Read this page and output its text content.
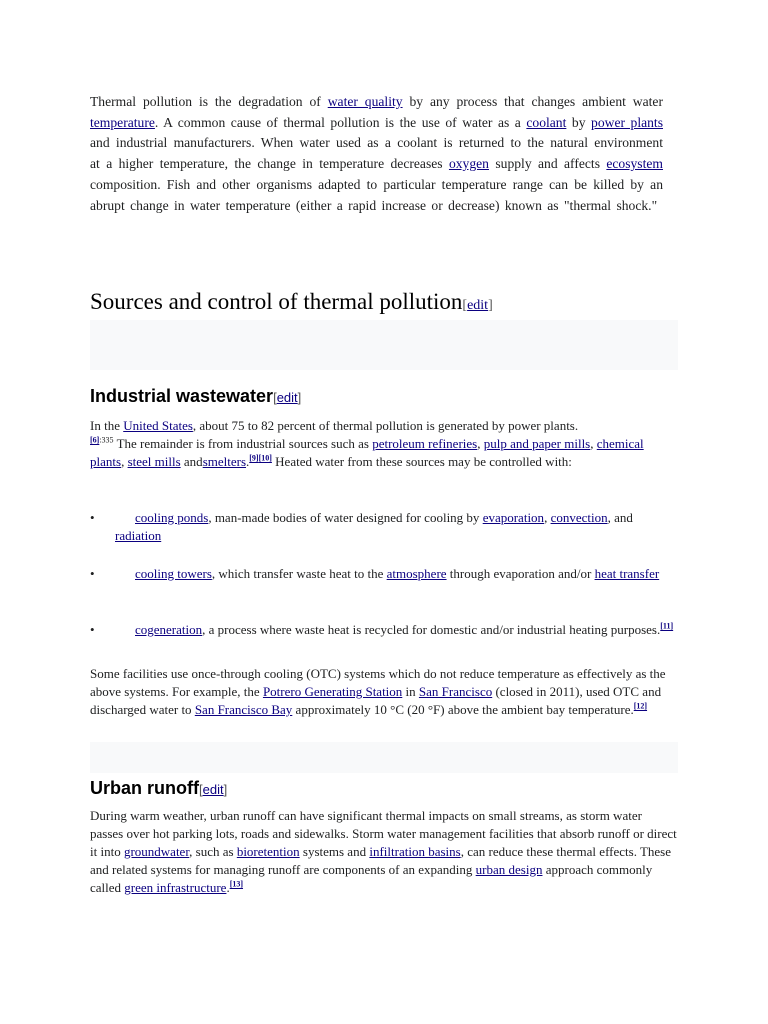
Thermal pollution is the degradation of water quality by any process that changes ambient water temperature. A common cause of thermal pollution is the use of water as a coolant by power plants and industrial manufacturers. When water used as a coolant is returned to the natural environment at a higher temperature, the change in temperature decreases oxygen supply and affects ecosystem composition. Fish and other organisms adapted to particular temperature range can be killed by an abrupt change in water temperature (either a rapid increase or decrease) known as "thermal shock."

Sources and control of thermal pollution[edit]
Industrial wastewater[edit]

In the United States, about 75 to 82 percent of thermal pollution is generated by power plants.
$^{[6]:335}$ The remainder is from industrial sources such as petroleum refineries, pulp and paper mills, chemical plants, steel mills andsmelters.[9][10] Heated water from these sources may be controlled with:

•	cooling ponds, man-made bodies of water designed for cooling by evaporation, convection, and radiation
•	cooling towers, which transfer waste heat to the atmosphere through evaporation and/or heat transfer
•	cogeneration, a process where waste heat is recycled for domestic and/or industrial heating purposes.[11]

Some facilities use once-through cooling (OTC) systems which do not reduce temperature as effectively as the above systems. For example, the Potrero Generating Station in San Francisco (closed in 2011), used OTC and discharged water to San Francisco Bay approximately 10 °C (20 °F) above the ambient bay temperature.[12]

Urban runoff[edit]

During warm weather, urban runoff can have significant thermal impacts on small streams, as storm water passes over hot parking lots, roads and sidewalks. Storm water management facilities that absorb runoff or direct it into groundwater, such as bioretention systems and infiltration basins, can reduce these thermal effects. These and related systems for managing runoff are components of an expanding urban design approach commonly called green infrastructure.[13]
